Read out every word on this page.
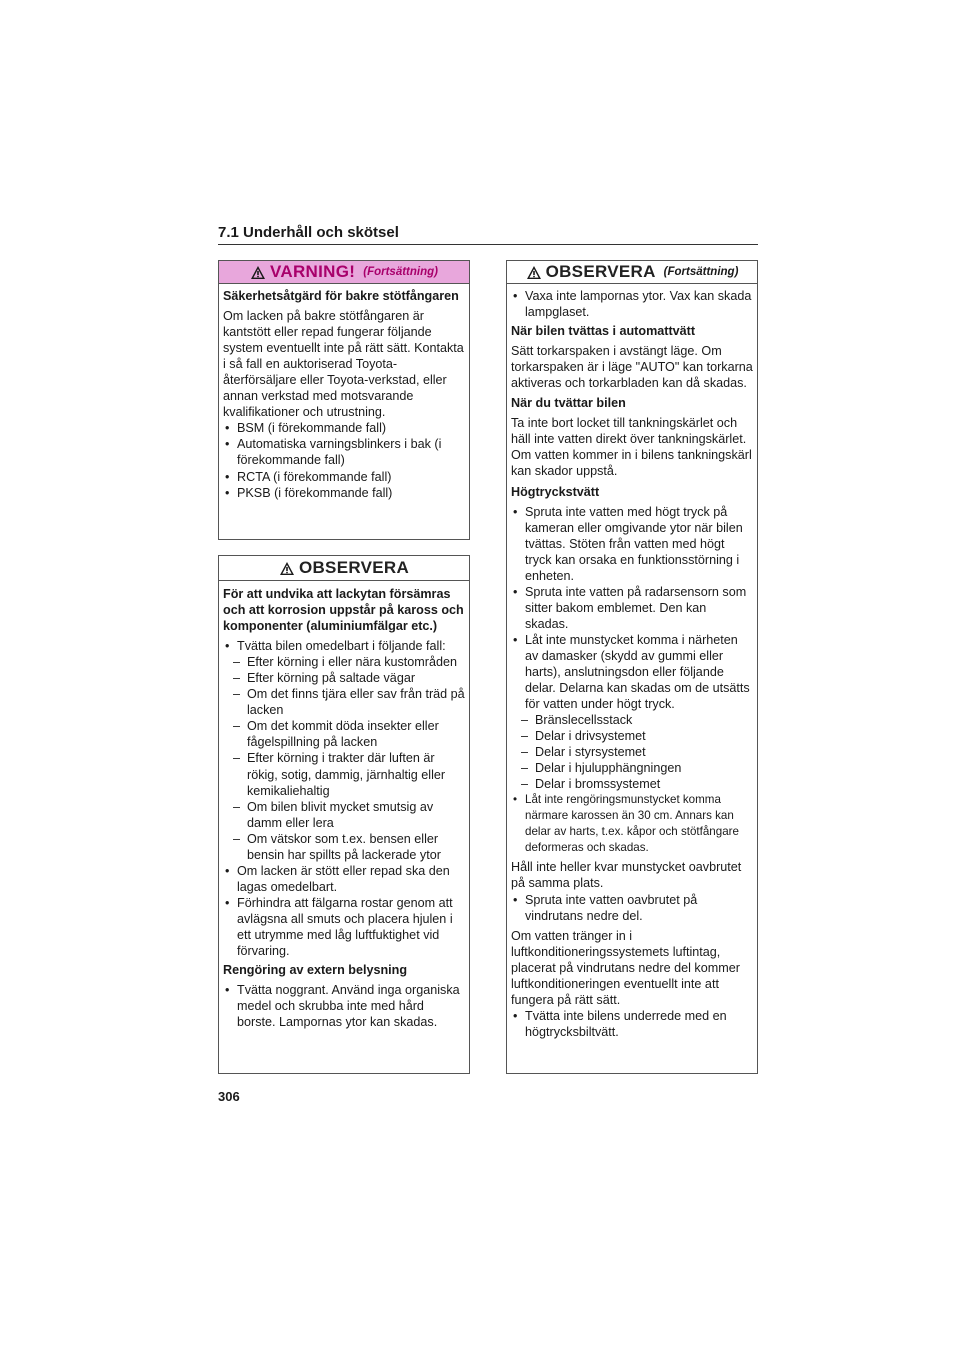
7.1 Underhåll och skötsel
VARNING! (Fortsättning)

Säkerhetsåtgärd för bakre stötfångaren

Om lacken på bakre stötfångaren är kantstött eller repad fungerar följande system eventuellt inte på rätt sätt. Kontakta i så fall en auktoriserad Toyota-återförsäljare eller Toyota-verkstad, eller annan verkstad med motsvarande kvalifikationer och utrustning.

• BSM (i förekommande fall)
• Automatiska varningsblinkers i bak (i förekommande fall)
• RCTA (i förekommande fall)
• PKSB (i förekommande fall)
OBSERVERA

För att undvika att lackytan försämras och att korrosion uppstår på kaross och komponenter (aluminiumfälgar etc.)

• Tvätta bilen omedelbart i följande fall:
– Efter körning i eller nära kustområden
– Efter körning på saltade vägar
– Om det finns tjära eller sav från träd på lacken
– Om det kommit döda insekter eller fågelspillning på lacken
– Efter körning i trakter där luften är rökig, sotig, dammig, järnhaltig eller kemikaliehaltig
– Om bilen blivit mycket smutsig av damm eller lera
– Om vätskor som t.ex. bensen eller bensin har spillts på lackerade ytor
• Om lacken är stött eller repad ska den lagas omedelbart.
• Förhindra att fälgarna rostar genom att avlägsna all smuts och placera hjulen i ett utrymme med låg luftfuktighet vid förvaring.

Rengöring av extern belysning

• Tvätta noggrant. Använd inga organiska medel och skrubba inte med hård borste. Lampornas ytor kan skadas.
OBSERVERA (Fortsättning)
• Vaxa inte lampornas ytor. Vax kan skada lampglaset.

När bilen tvättas i automattvätt

Sätt torkarspaken i avstängt läge. Om torkarspaken är i läge "AUTO" kan torkarna aktiveras och torkarbladen kan då skadas.

När du tvättar bilen

Ta inte bort locket till tankningskärlet och häll inte vatten direkt över tankningskärlet. Om vatten kommer in i bilens tankningskärl kan skador uppstå.

Högtryckstvätt

• Spruta inte vatten med högt tryck på kameran eller omgivande ytor när bilen tvättas. Stöten från vatten med högt tryck kan orsaka en funktionsstörning i enheten.
• Spruta inte vatten på radarsensorn som sitter bakom emblemet. Den kan skadas.
• Låt inte munstycket komma i närheten av damasker (skydd av gummi eller harts), anslutningsdon eller följande delar. Delarna kan skadas om de utsätts för vatten under högt tryck.
– Bränslecellsstack
– Delar i drivsystemet
– Delar i styrsystemet
– Delar i hjulupphängningen
– Delar i bromssystemet
• Låt inte rengöringsmunstycket komma närmare karossen än 30 cm. Annars kan delar av harts, t.ex. kåpor och stötfångare deformeras och skadas.

Håll inte heller kvar munstycket oavbrutet på samma plats.

• Spruta inte vatten oavbrutet på vindrutans nedre del.

Om vatten tränger in i luftkonditioneringssystemets luftintag, placerat på vindrutans nedre del kommer luftkonditioneringen eventuellt inte att fungera på rätt sätt.

• Tvätta inte bilens underrede med en högtrycksbiltvätt.
306
